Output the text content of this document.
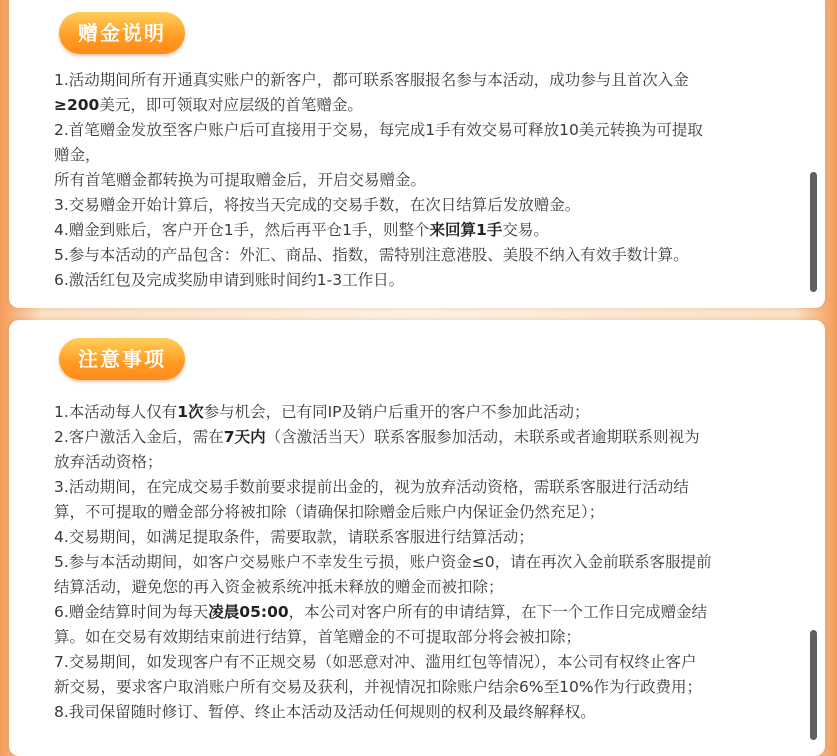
赠金说明

1.活动期间所有开通真实账户的新客户，都可联系客服报名参与本活动，成功参与且首次入金

≥200美元，即可领取对应层级的首笔赠金。

2.首笔赠金发放至客户账户后可直接用于交易，每完成1手有效交易可释放10美元转换为可提取

赠金，

所有首笔赠金都转换为可提取赠金后，开启交易赠金。

3.交易赠金开始计算后，将按当天完成的交易手数，在次日结算后发放赠金。

4.赠金到账后，客户开仓1手，然后再平仓1手，则整个来回算1手交易。

5.参与本活动的产品包含：外汇、商品、指数，需特别注意港股、美股不纳入有效手数计算。

6.激活红包及完成奖励申请到账时间约1-3工作日。

注意事项

1.本活动每人仅有1次参与机会，已有同IP及销户后重开的客户不参加此活动；

2.客户激活入金后，需在7天内（含激活当天）联系客服参加活动，未联系或者逾期联系则视为

放弃活动资格；

3.活动期间，在完成交易手数前要求提前出金的，视为放弃活动资格，需联系客服进行活动结

算，不可提取的赠金部分将被扣除（请确保扣除赠金后账户内保证金仍然充足）；

4.交易期间，如满足提取条件，需要取款，请联系客服进行结算活动；

5.参与本活动期间，如客户交易账户不幸发生亏损，账户资金≤0，请在再次入金前联系客服提前

结算活动，避免您的再入资金被系统冲抵未释放的赠金而被扣除；

6.赠金结算时间为每天凌晨05:00，本公司对客户所有的申请结算，在下一个工作日完成赠金结

算。如在交易有效期结束前进行结算，首笔赠金的不可提取部分将会被扣除；

7.交易期间，如发现客户有不正规交易（如恶意对冲、滥用红包等情况），本公司有权终止客户

新交易，要求客户取消账户所有交易及获利，并视情况扣除账户结余6%至10%作为行政费用；

8.我司保留随时修订、暂停、终止本活动及活动任何规则的权利及最终解释权。
